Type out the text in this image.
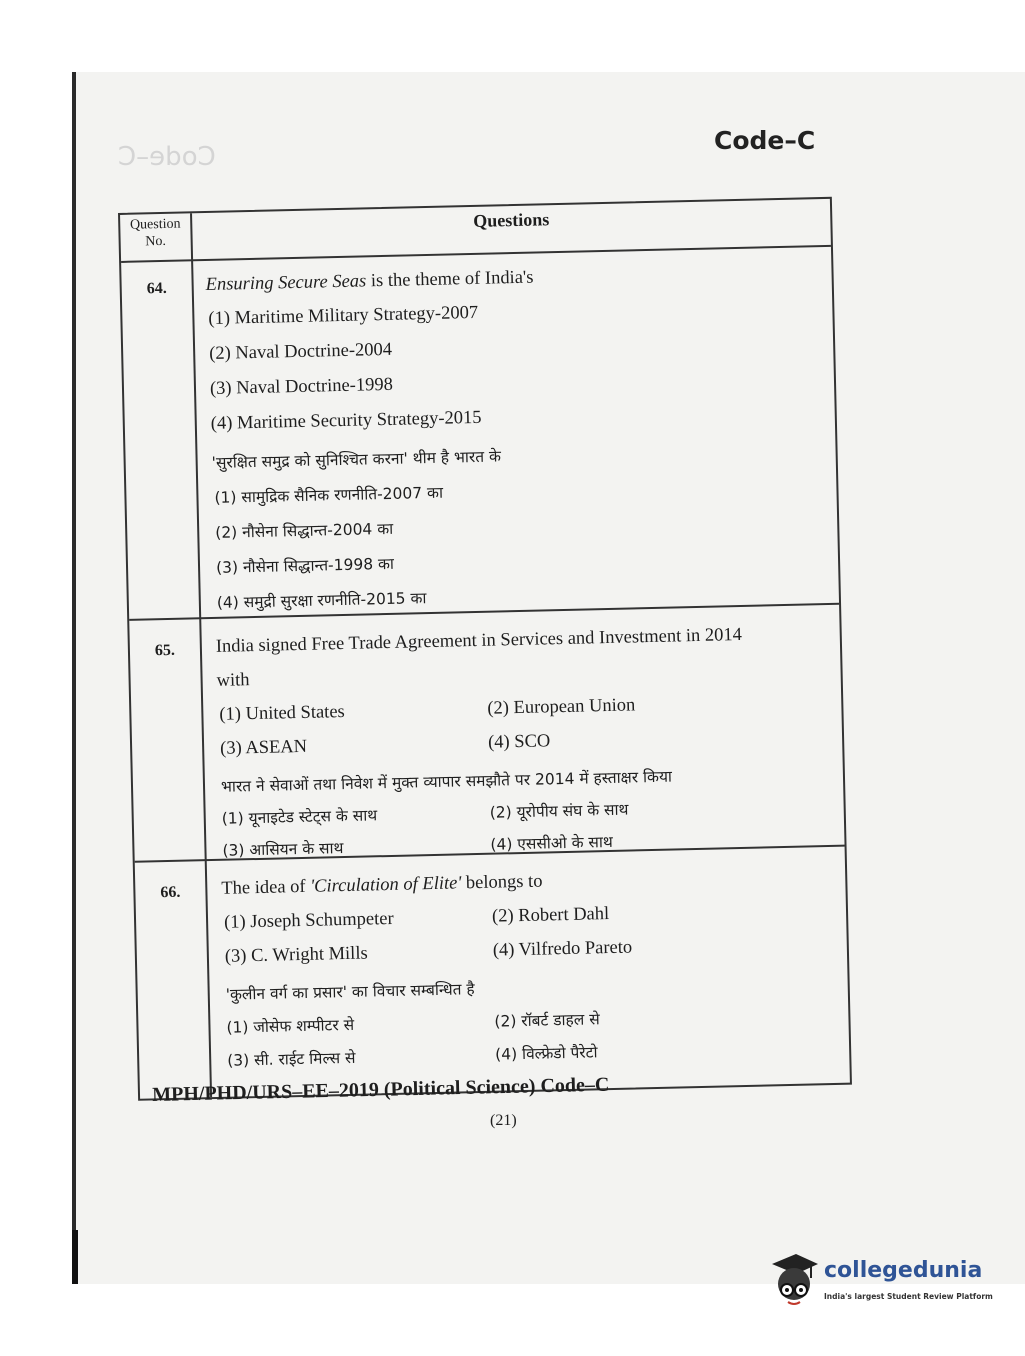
Code–C
Code–C
Question No.
Questions
64.	Ensuring Secure Seas is the theme of India's
(1) Maritime Military Strategy-2007
(2) Naval Doctrine-2004
(3) Naval Doctrine-1998
(4) Maritime Security Strategy-2015
'सुरक्षित समुद्र को सुनिश्चित करना' थीम है भारत के
(1) सामुद्रिक सैनिक रणनीति-2007 का
(2) नौसेना सिद्धान्त-2004 का
(3) नौसेना सिद्धान्त-1998 का
(4) समुद्री सुरक्षा रणनीति-2015 का
65.	India signed Free Trade Agreement in Services and Investment in 2014
with
(1) United States	(2) European Union
(3) ASEAN	(4) SCO
भारत ने सेवाओं तथा निवेश में मुक्त व्यापार समझौते पर 2014 में हस्ताक्षर किया
(1) यूनाइटेड स्टेट्स के साथ	(2) यूरोपीय संघ के साथ
(3) आसियन के साथ	(4) एससीओ के साथ
66.	The idea of 'Circulation of Elite' belongs to
(1) Joseph Schumpeter	(2) Robert Dahl
(3) C. Wright Mills	(4) Vilfredo Pareto
'कुलीन वर्ग का प्रसार' का विचार सम्बन्धित है
(1) जोसेफ शम्पीटर से	(2) रॉबर्ट डाहल से
(3) सी. राईट मिल्स से	(4) विल्फ्रेडो पैरेटो
MPH/PHD/URS–EE–2019 (Political Science) Code–C
(21)
collegedunia
India's largest Student Review Platform
